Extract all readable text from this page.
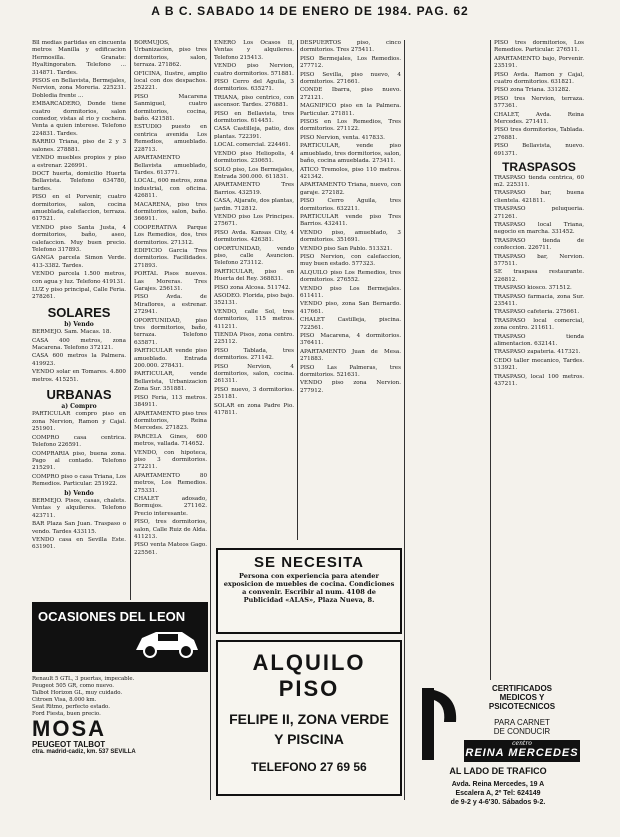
A B C. SABADO 14 DE ENERO DE 1984. PAG. 62

Bll medias partidas en cincuenta metros Manilla y edificacion Hermosilla. Granate: Hyaltingoraten. Telefono ... 314871. Tardes.

PISOS en Bellavista, Bermejales, Nervion, zona Moreria. 225231. Dobledia frente ...

EMBARCADERO, Donde tiene cuatro dormitorios, salon comedor, vistas al rio y cochera. Venta a quien interese. Telefono 224831. Tardes.

BARRIO Triana, piso de 2 y 3 salones. 278881.

VENDO muebles propios y piso a estrenar. 226991.

DOCT huerta, domicilio Huerta Bellavista. Telefono 634780, tardes.

PISO en el Porvenir, cuatro dormitorios, salon, cocina amueblada, calefaccion, terraza. 617521.

VENDO piso Santa Justa, 4 dormitorios, baño, aseo, calefaccion. Muy buen precio. Telefono 317893.

GANGA parcela Simon Verde. 413-3382. Tardes.

VENDO parcela 1.500 metros, con agua y luz. Telefono 419131.

LUZ y piso principal, Calle Feria. 278261.

SOLARES
b) Vendo

BERMEJO. Sam. Macas. 18.

CASA 400 metros, zona Macarena. Telefono 372121.

CASA 600 metros la Palmera. 419923.

VENDO solar en Tomares. 4.800 metros. 415251.

URBANAS
a) Compro

PARTICULAR compro piso en zona Nervion, Ramon y Cajal. 251901.

COMPRO casa centrica. Telefono 226591.

COMPRARIA piso, buena zona. Pago al contado. Telefono 215291.

COMPRO piso o casa Triana, Los Remedios. Particular. 251922.

b) Vendo

BERMEJO. Pisos, casas, chalets. Ventas y alquileres. Telefono 423711.

BAR Plaza San Juan. Traspaso o vendo. Tardes 433115.

VENDO casa en Sevilla Este. 631901.

OCASIONES DEL LEON
Renault 5 GTL, 3 puertas, impecable.
Peugeot 505 GR, como nuevo.
Talbot Horizon GL, muy cuidado.
Citroen Visa, 8.000 km.
Seat Ritmo, perfecto estado.
Ford Fiesta, buen precio.
MOSA
PEUGEOT TALBOT
ctra. madrid-cadiz, km. 537 SEVILLA

BORMUJOS, Urbanizacion, piso tres dormitorios, salon, terraza. 271862.

OFICINA, Ilustre, amplio local con dos despachos. 252221.

PISO Macarena Sanmiguel, cuatro dormitorios, cocina, baño. 421581.

ESTUDIO puesto en centrica avenida Los Remedios, amueblado. 228713.

APARTAMENTO Bellavista amueblado, Tardes. 613771.

LOCAL, 600 metros, zona industrial, con oficina. 426811.

MACARENA, piso tres dormitorios, salon, baño. 366911.

COOPERATIVA Parque Los Remedios, dos, tres dormitorios. 271312.

EDIFICIO Garcia Tres dormitorios. Facilidades. 271893.

PORTAL Pisos nuevos. Las Moreras. Tres Garajes. 256131.

PISO Avda. de Miraflores, a estrenar. 272941.

OPORTUNIDAD, piso tres dormitorios, baño, terraza. Telefono 635871.

PARTICULAR vende piso amueblado. Entrada 200.000. 278431.

PARTICULAR, vende Bellavista, Urbanizacion Zona Sur. 351881.

PISO Feria, 113 metros. 384911.

APARTAMENTO piso tres dormitorios, Reina Mercedes. 271823.

PARCELA Gines, 600 metros, vallada. 714652.

VENDO, con hipoteca, piso 3 dormitorios. 272211.

APARTAMENTO 80 metros, Los Remedios. 275331.

CHALET adosado, Bormujos. 271162. Precio interesante.

PISO, tres dormitorios, salon, Calle Ruiz de Alda. 411213.

PISO venta Mateos Gago. 225561.

ENERO Los Ocasos II, Ventas y alquileres. Telefono 215413.

VENDO piso Nervion, cuatro dormitorios. 571881.

PISO Cerro del Aguila, 3 dormitorios. 635271.

TRIANA, piso centrico, con ascensor. Tardes. 276881.

PISO en Bellavista, tres dormitorios. 614451.

CASA Castilleja, patio, dos plantas. 722391.

LOCAL comercial. 224461.

VENDO piso Heliopolis, 4 dormitorios. 230651.

SOLO piso, Los Bermejales, Entrada 300.000. 611831.

APARTAMENTO Tres Barrios. 432519.

CASA, Aljarafe, dos plantas, jardin. 712812.

VENDO piso Los Principes. 275671.

PISO Avda. Kansas City, 4 dormitorios. 426381.

OPORTUNIDAD, vendo piso, calle Asuncion. Telefono 273112.

PARTICULAR, piso en Huerta del Rey. 368831.

PISO zona Alcosa. 511742.

ASODEO. Florida, piso bajo. 352131.

VENDO, calle Sol, tres dormitorios, 115 metros. 411211.

TIENDA Pisos, zona centro. 225112.

PISO Tablada, tres dormitorios. 271142.

PISO Nervion, 4 dormitorios, salon, cocina. 261311.

PISO nuevo, 3 dormitorios. 251181.

SOLAR en zona Padre Pio. 417811.

DESPUERTOS piso, cinco dormitorios. Tres 275411.

PISO Bermejales, Los Remedios. 277712.

PISO Sevilla, piso nuevo, 4 dormitorios. 271661.

CONDE Ibarra, piso nuevo. 272121.

MAGNIFICO piso en la Palmera. Particular. 271811.

PISOS en Los Remedios, Tres dormitorios. 271122.

PISO Nervion, venta. 417833.

PARTICULAR, vende piso amueblado, tres dormitorios, salon, baño, cocina amueblada. 273411.

ATICO Tremolos, piso 110 metros. 421342.

APARTAMENTO Triana, nuevo, con garaje. 272182.

PISO Cerro Aguila, tres dormitorios. 632211.

PARTICULAR vende piso Tres Barrios. 432411.

VENDO piso, amueblado, 3 dormitorios. 351691.

VENDO piso San Pablo. 513321.

PISO Nervion, con calefaccion, muy buen estado. 577323.

ALQUILO piso Los Remedios, tres dormitorios. 276552.

VENDO piso Los Bermejales. 611411.

VENDO piso, zona San Bernardo. 417661.

CHALET Castilleja, piscina. 722561.

PISO Macarena, 4 dormitorios. 376411.

APARTAMENTO Juan de Mesa. 271883.

PISO Las Palmeras, tres dormitorios. 521631.

VENDO piso zona Nervion. 277912.

SE NECESITA
Persona con experiencia para atender exposicion de muebles de cocina. Condiciones a convenir. Escribir al num. 4108 de Publicidad «ALAS», Plaza Nueva, 8.
ALQUILO
PISO
FELIPE II, ZONA VERDE
Y PISCINA
TELEFONO 27 69 56

PISO tres dormitorios, Los Remedios. Particular. 276511.

APARTAMENTO bajo, Porvenir. 235191.

PISO Avda. Ramon y Cajal, cuatro dormitorios. 631821.

PISO zona Triana. 331282.

PISO tres Nervion, terraza. 577361.

CHALET, Avda. Reina Mercedes. 271411.

PISO tres dormitorios, Tablada. 276881.

PISO Bellavista, nuevo. 691371.

TRASPASOS

TRASPASO tienda centrica, 60 m2. 225311.

TRASPASO bar, buena clientela. 421811.

TRASPASO peluqueria. 271261.

TRASPASO local Triana, negocio en marcha. 331452.

TRASPASO tienda de confeccion. 226711.

TRASPASO bar, Nervion. 577511.

SE traspasa restaurante. 226812.

TRASPASO kiosco. 371512.

TRASPASO farmacia, zona Sur. 235411.

TRASPASO cafeteria. 275661.

TRASPASO local comercial, zona centro. 211611.

TRASPASO tienda alimentacion. 632141.

TRASPASO zapateria. 417321.

CEDO taller mecanico, Tardes. 513921.

TRASPASO, local 100 metros. 437211.

CERTIFICADOS
MEDICOS Y
PSICOTECNICOS
PARA CARNET
DE CONDUCIR
centro
REINA MERCEDES
AL LADO DE TRAFICO
Avda. Reina Mercedes, 19 A
Escalera A, 2º Tel: 624149
de 9-2 y 4-6'30. Sábados 9-2.
